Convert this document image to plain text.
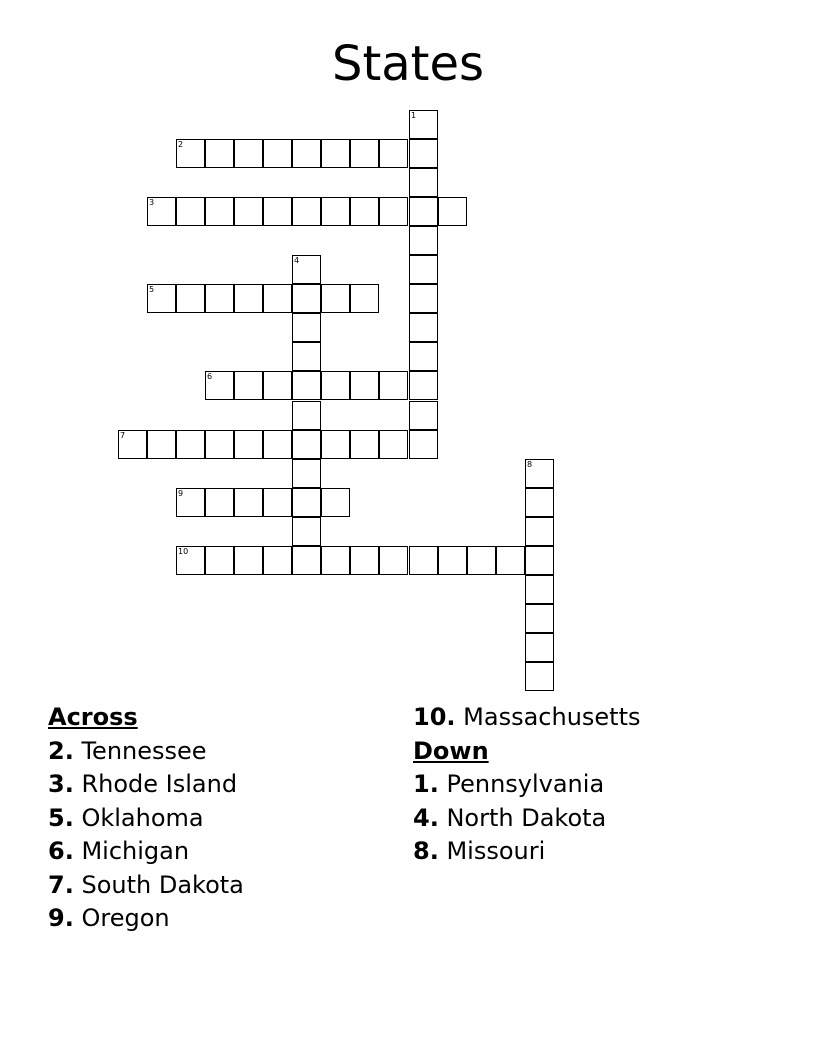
States
1
2
3
4
5
6
7
8
9
10
Across
2. Tennessee
3. Rhode Island
5. Oklahoma
6. Michigan
7. South Dakota
9. Oregon
10. Massachusetts
Down
1. Pennsylvania
4. North Dakota
8. Missouri
